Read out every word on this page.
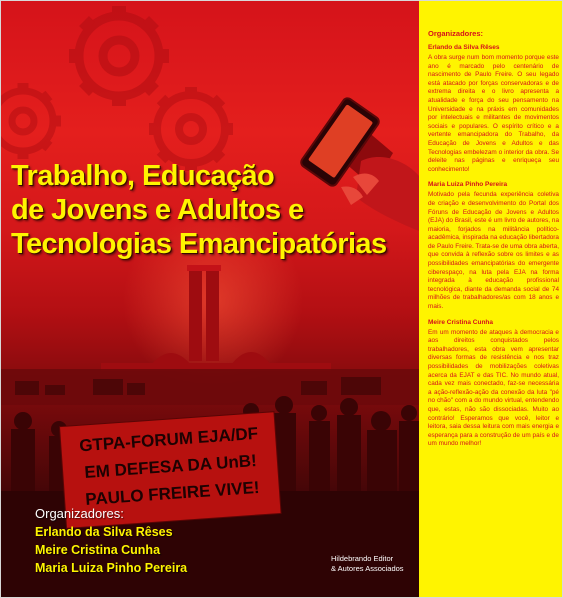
GTPA-FORUM EJA/DF
EM DEFESA DA UnB!
PAULO FREIRE VIVE!
Trabalho, Educação
de Jovens e Adultos e
Tecnologias Emancipatórias
Organizadores:
Erlando da Silva Rêses
Meire Cristina Cunha
Maria Luiza Pinho Pereira
Hildebrando Editor
& Autores Associados
Organizadores:
Erlando da Silva Rêses
A obra surge num bom momento porque este ano é marcado pelo centenário de nascimento de Paulo Freire. O seu legado está atacado por forças conservadoras e de extrema direita e o livro apresenta a atualidade e força do seu pensamento na Universidade e na práxis em comunidades por intelectuais e militantes de movimentos sociais e populares. O espírito crítico e a vertente emancipadora do Trabalho, da Educação de Jovens e Adultos e das Tecnologias embelezam o interior da obra. Se deleite nas páginas e enriqueça seu conhecimento!
Maria Luiza Pinho Pereira
Motivado pela fecunda experiência coletiva de criação e desenvolvimento do Portal dos Fóruns de Educação de Jovens e Adultos (EJA) do Brasil, este é um livro de autores, na maioria, forjados na militância político-acadêmica, inspirada na educação libertadora de Paulo Freire. Trata-se de uma obra aberta, que convida à reflexão sobre os limites e as possibilidades emancipatórias do emergente ciberespaço, na luta pela EJA na forma integrada à educação profissional tecnológica, diante da demanda social de 74 milhões de trabalhadores/as com 18 anos e mais.
Meire Cristina Cunha
Em um momento de ataques à democracia e aos direitos conquistados pelos trabalhadores, esta obra vem apresentar diversas formas de resistência e nos traz possibilidades de mobilizações coletivas acerca da EJAT e das TIC. No mundo atual, cada vez mais conectado, faz-se necessária a ação-reflexão-ação da conexão da luta "pé no chão" com a do mundo virtual, entendendo que, estas, não são dissociadas. Muito ao contrário! Esperamos que você, leitor e leitora, saia dessa leitura com mais energia e esperança para a construção de um país e de um mundo melhor!
